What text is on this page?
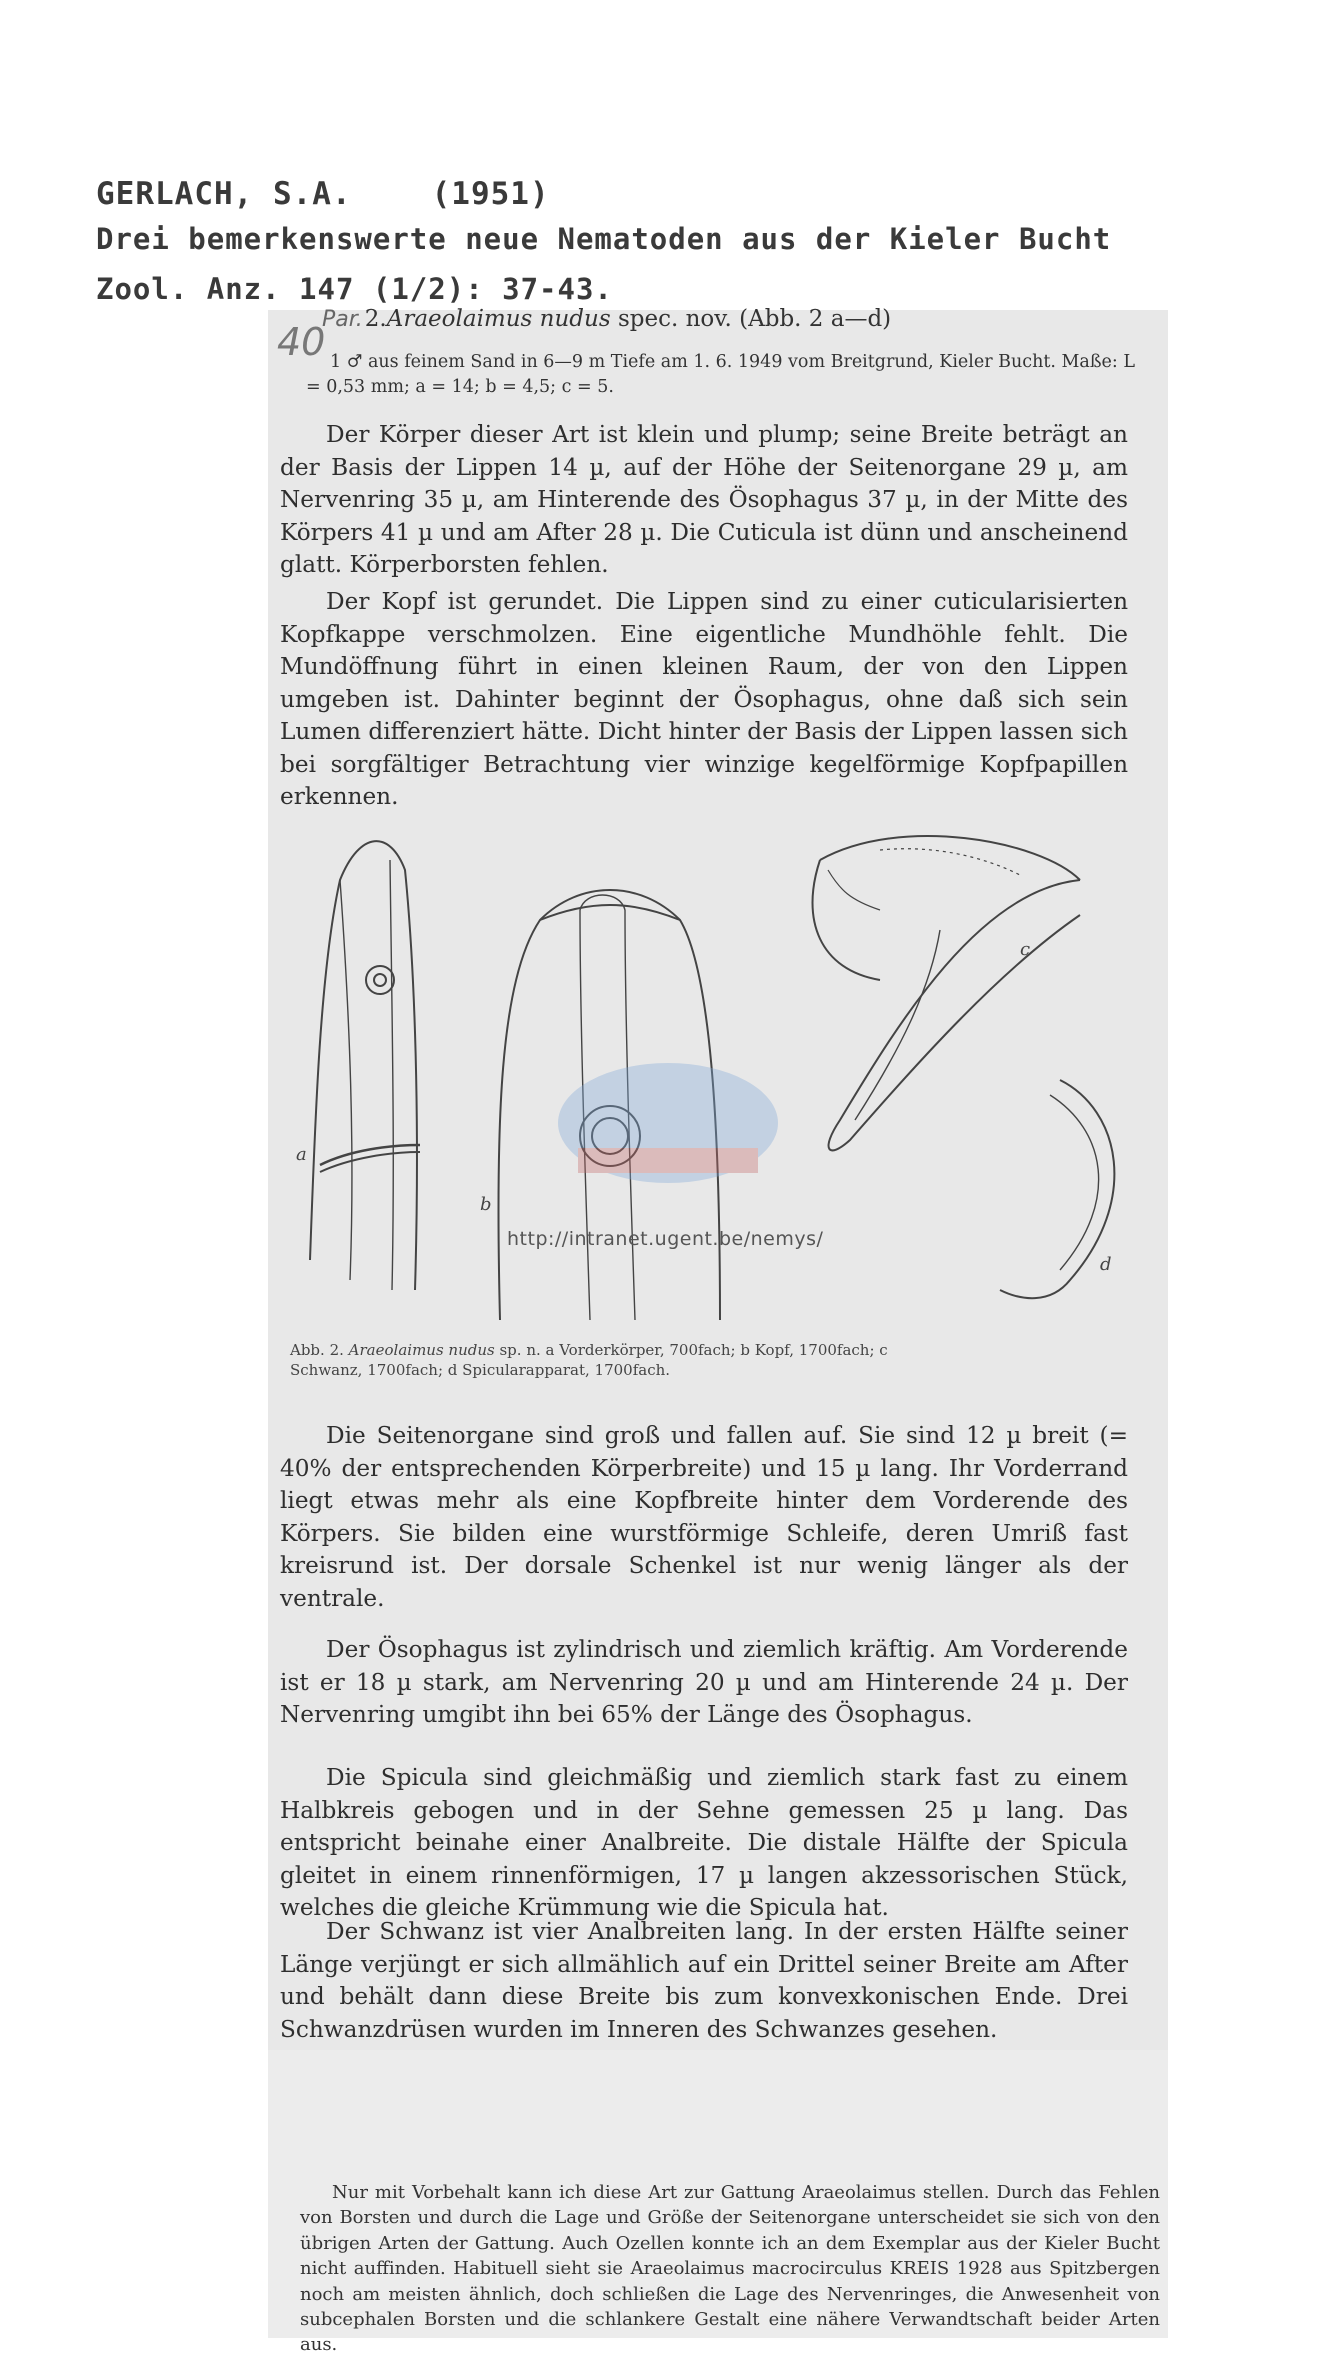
GERLACH, S.A.	(1951)
Drei bemerkenswerte neue Nematoden aus der Kieler Bucht
Zool. Anz. 147 (1/2): 37-43.
40
Par.2.Araeolaimus nudus spec. nov. (Abb. 2 a—d)
1 ♂ aus feinem Sand in 6—9 m Tiefe am 1. 6. 1949 vom Breitgrund, Kieler Bucht. Maße: L = 0,53 mm; a = 14; b = 4,5; c = 5.

Der Körper dieser Art ist klein und plump; seine Breite beträgt an der Basis der Lippen 14 µ, auf der Höhe der Seitenorgane 29 µ, am Nervenring 35 µ, am Hinterende des Ösophagus 37 µ, in der Mitte des Körpers 41 µ und am After 28 µ. Die Cuticula ist dünn und anscheinend glatt. Körperborsten fehlen.

Der Kopf ist gerundet. Die Lippen sind zu einer cuticularisierten Kopfkappe verschmolzen. Eine eigentliche Mundhöhle fehlt. Die Mundöffnung führt in einen kleinen Raum, der von den Lippen umgeben ist. Dahinter beginnt der Ösophagus, ohne daß sich sein Lumen differenziert hätte. Dicht hinter der Basis der Lippen lassen sich bei sorgfältiger Betrachtung vier winzige kegelförmige Kopfpapillen erkennen.

a
b
c
d
http://intranet.ugent.be/nemys/
Abb. 2. Araeolaimus nudus sp. n. a Vorderkörper, 700fach; b Kopf, 1700fach; c Schwanz, 1700fach; d Spicularapparat, 1700fach.

Die Seitenorgane sind groß und fallen auf. Sie sind 12 µ breit (= 40% der entsprechenden Körperbreite) und 15 µ lang. Ihr Vorderrand liegt etwas mehr als eine Kopfbreite hinter dem Vorderende des Körpers. Sie bilden eine wurstförmige Schleife, deren Umriß fast kreisrund ist. Der dorsale Schenkel ist nur wenig länger als der ventrale.

Der Ösophagus ist zylindrisch und ziemlich kräftig. Am Vorderende ist er 18 µ stark, am Nervenring 20 µ und am Hinterende 24 µ. Der Nervenring umgibt ihn bei 65% der Länge des Ösophagus.

Die Spicula sind gleichmäßig und ziemlich stark fast zu einem Halbkreis gebogen und in der Sehne gemessen 25 µ lang. Das entspricht beinahe einer Analbreite. Die distale Hälfte der Spicula gleitet in einem rinnenförmigen, 17 µ langen akzessorischen Stück, welches die gleiche Krümmung wie die Spicula hat.

Der Schwanz ist vier Analbreiten lang. In der ersten Hälfte seiner Länge verjüngt er sich allmählich auf ein Drittel seiner Breite am After und behält dann diese Breite bis zum konvexkonischen Ende. Drei Schwanzdrüsen wurden im Inneren des Schwanzes gesehen.

Nur mit Vorbehalt kann ich diese Art zur Gattung Araeolaimus stellen. Durch das Fehlen von Borsten und durch die Lage und Größe der Seitenorgane unterscheidet sie sich von den übrigen Arten der Gattung. Auch Ozellen konnte ich an dem Exemplar aus der Kieler Bucht nicht auffinden. Habituell sieht sie Araeolaimus macrocirculus KREIS 1928 aus Spitzbergen noch am meisten ähnlich, doch schließen die Lage des Nervenringes, die Anwesenheit von subcephalen Borsten und die schlankere Gestalt eine nähere Verwandtschaft beider Arten aus.
